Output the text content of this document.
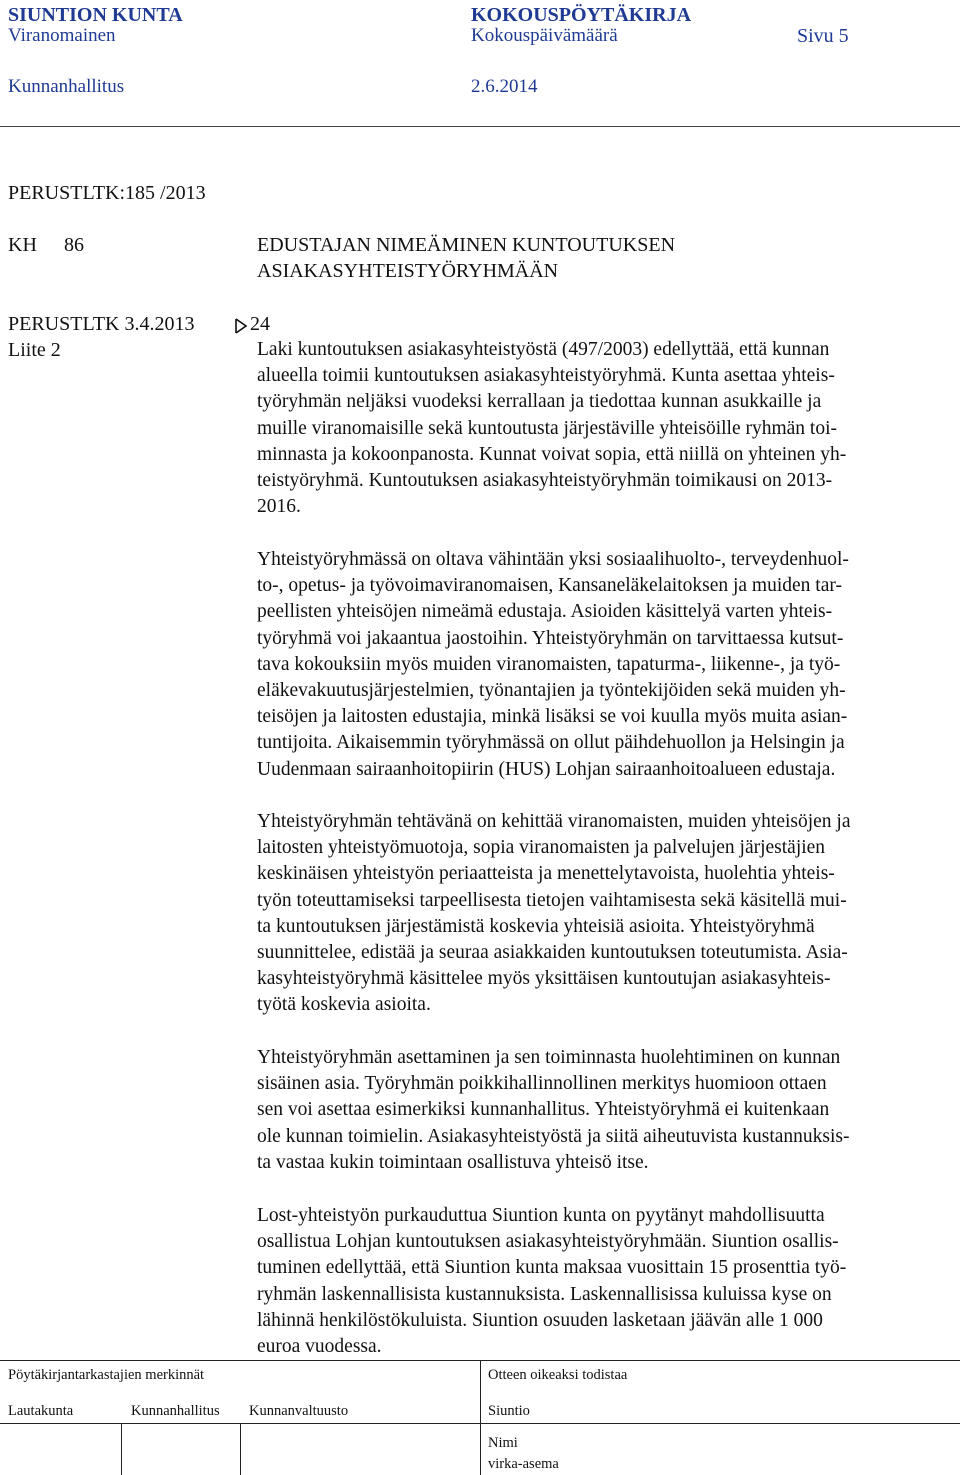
SIUNTION KUNTA	KOKOUSPÖYTÄKIRJA
Viranomainen	Kokouspäivämäärä	Sivu 5
Kunnanhallitus	2.6.2014
PERUSTLTK:185 /2013
KH 86	EDUSTAJAN NIMEÄMINEN KUNTOUTUKSEN
ASIAKASYHTEISTYÖRYHMÄÄN
PERUSTLTK 3.4.2013	24
Liite 2	Laki kuntoutuksen asiakasyhteistyöstä (497/2003) edellyttää, että kunnan
alueella toimii kuntoutuksen asiakasyhteistyöryhmä. Kunta asettaa yhteis-
työryhmän neljäksi vuodeksi kerrallaan ja tiedottaa kunnan asukkaille ja
muille viranomaisille sekä kuntoutusta järjestäville yhteisöille ryhmän toi-
minnasta ja kokoonpanosta. Kunnat voivat sopia, että niillä on yhteinen yh-
teistyöryhmä. Kuntoutuksen asiakasyhteistyöryhmän toimikausi on 2013-
2016.
Yhteistyöryhmässä on oltava vähintään yksi sosiaalihuolto-, terveydenhuol-
to-, opetus- ja työvoimaviranomaisen, Kansaneläkelaitoksen ja muiden tar-
peellisten yhteisöjen nimeämä edustaja. Asioiden käsittelyä varten yhteis-
työryhmä voi jakaantua jaostoihin. Yhteistyöryhmän on tarvittaessa kutsut-
tava kokouksiin myös muiden viranomaisten, tapaturma-, liikenne-, ja työ-
eläkevakuutusjärjestelmien, työnantajien ja työntekijöiden sekä muiden yh-
teisöjen ja laitosten edustajia, minkä lisäksi se voi kuulla myös muita asian-
tuntijoita. Aikaisemmin työryhmässä on ollut päihdehuollon ja Helsingin ja
Uudenmaan sairaanhoitopiirin (HUS) Lohjan sairaanhoitoalueen edustaja.
Yhteistyöryhmän tehtävänä on kehittää viranomaisten, muiden yhteisöjen ja
laitosten yhteistyömuotoja, sopia viranomaisten ja palvelujen järjestäjien
keskinäisen yhteistyön periaatteista ja menettelytavoista, huolehtia yhteis-
työn toteuttamiseksi tarpeellisesta tietojen vaihtamisesta sekä käsitellä mui-
ta kuntoutuksen järjestämistä koskevia yhteisiä asioita. Yhteistyöryhmä
suunnittelee, edistää ja seuraa asiakkaiden kuntoutuksen toteutumista. Asia-
kasyhteistyöryhmä käsittelee myös yksittäisen kuntoutujan asiakasyhteis-
työtä koskevia asioita.
Yhteistyöryhmän asettaminen ja sen toiminnasta huolehtiminen on kunnan
sisäinen asia. Työryhmän poikkihallinnollinen merkitys huomioon ottaen
sen voi asettaa esimerkiksi kunnanhallitus. Yhteistyöryhmä ei kuitenkaan
ole kunnan toimielin. Asiakasyhteistyöstä ja siitä aiheutuvista kustannuksis-
ta vastaa kukin toimintaan osallistuva yhteisö itse.
Lost-yhteistyön purkauduttua Siuntion kunta on pyytänyt mahdollisuutta
osallistua Lohjan kuntoutuksen asiakasyhteistyöryhmään. Siuntion osallis-
tuminen edellyttää, että Siuntion kunta maksaa vuosittain 15 prosenttia työ-
ryhmän laskennallisista kustannuksista. Laskennallisissa kuluissa kyse on
lähinnä henkilöstökuluista. Siuntion osuuden lasketaan jäävän alle 1 000
euroa vuodessa.
Pöytäkirjantarkastajien merkinnät	Otteen oikeaksi todistaa
Lautakunta	Kunnanhallitus Kunnanvaltuusto	Siuntio
Nimi
virka-asema
